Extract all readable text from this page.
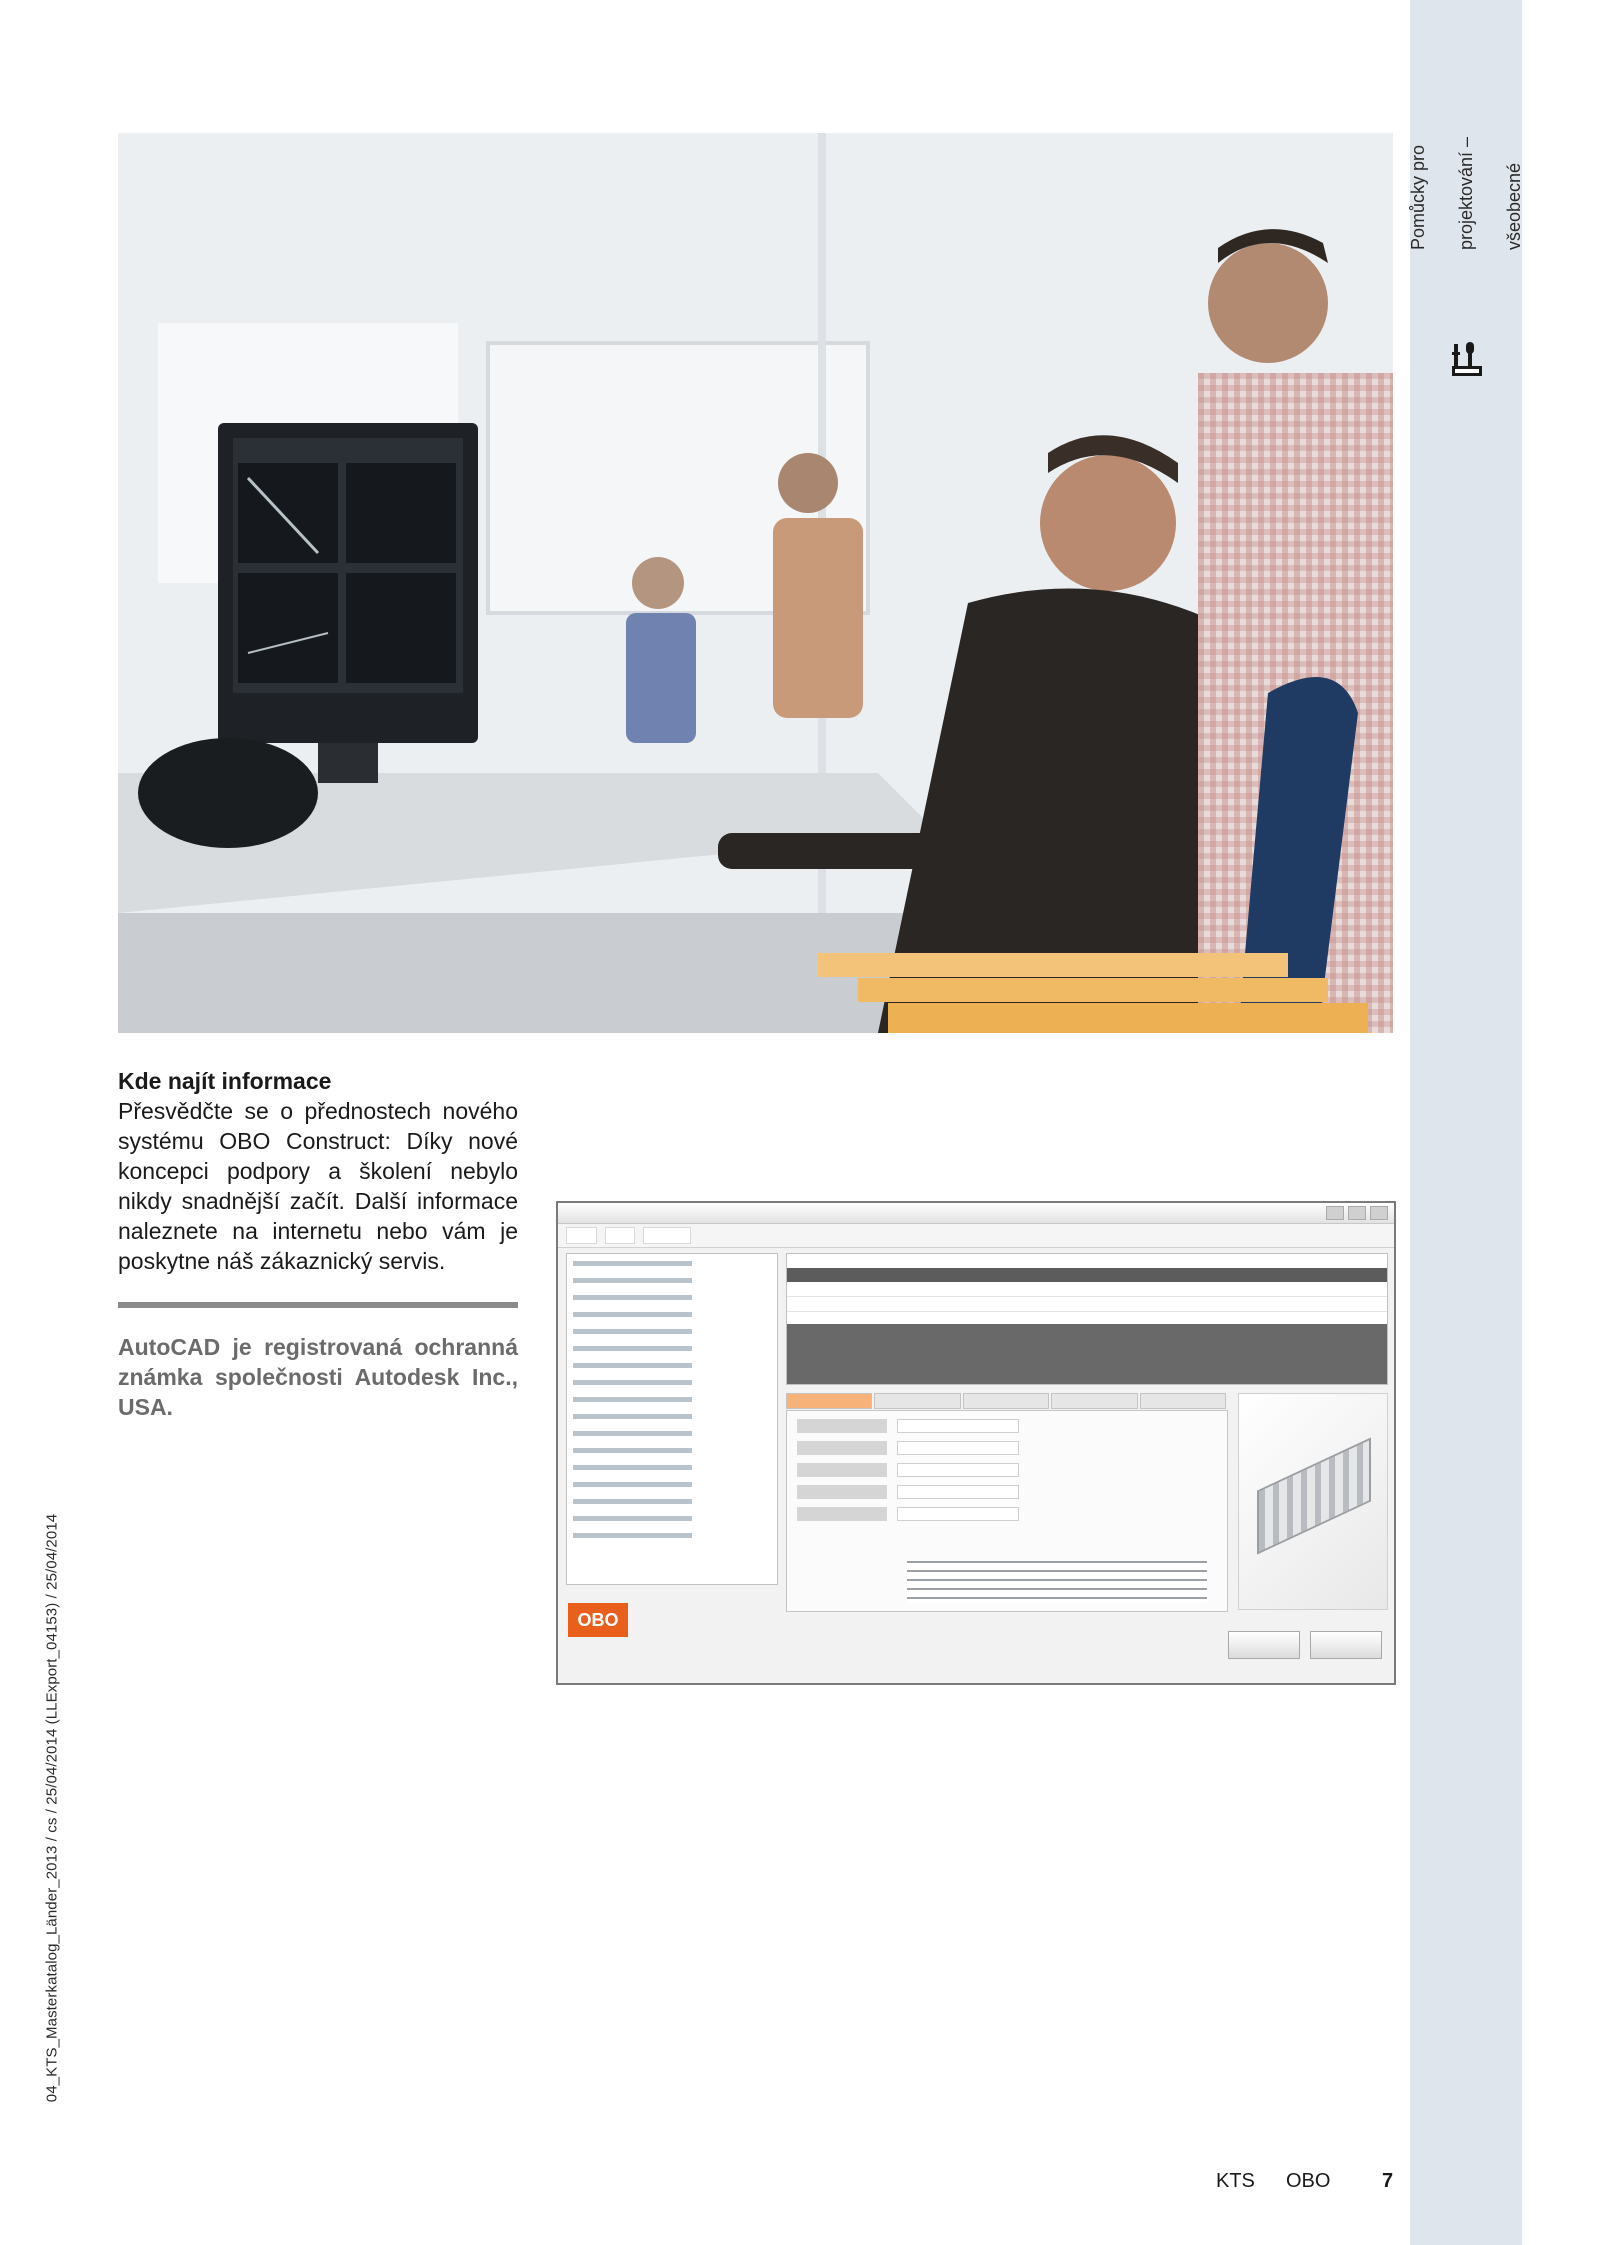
Pomůcky pro projektování – všeobecné

04_KTS_Masterkatalog_Länder_2013 / cs / 25/04/2014 (LLExport_04153) / 25/04/2014

Kde najít informace

Přesvědčte se o přednostech nového systému OBO Construct: Díky nové koncepci podpory a školení nebylo nikdy snadnější začít. Další informace naleznete na internetu nebo vám je poskytne náš zákaznický servis.

AutoCAD je registrovaná ochranná známka společnosti Autodesk Inc., USA.

OBO
KTS OBO	7
